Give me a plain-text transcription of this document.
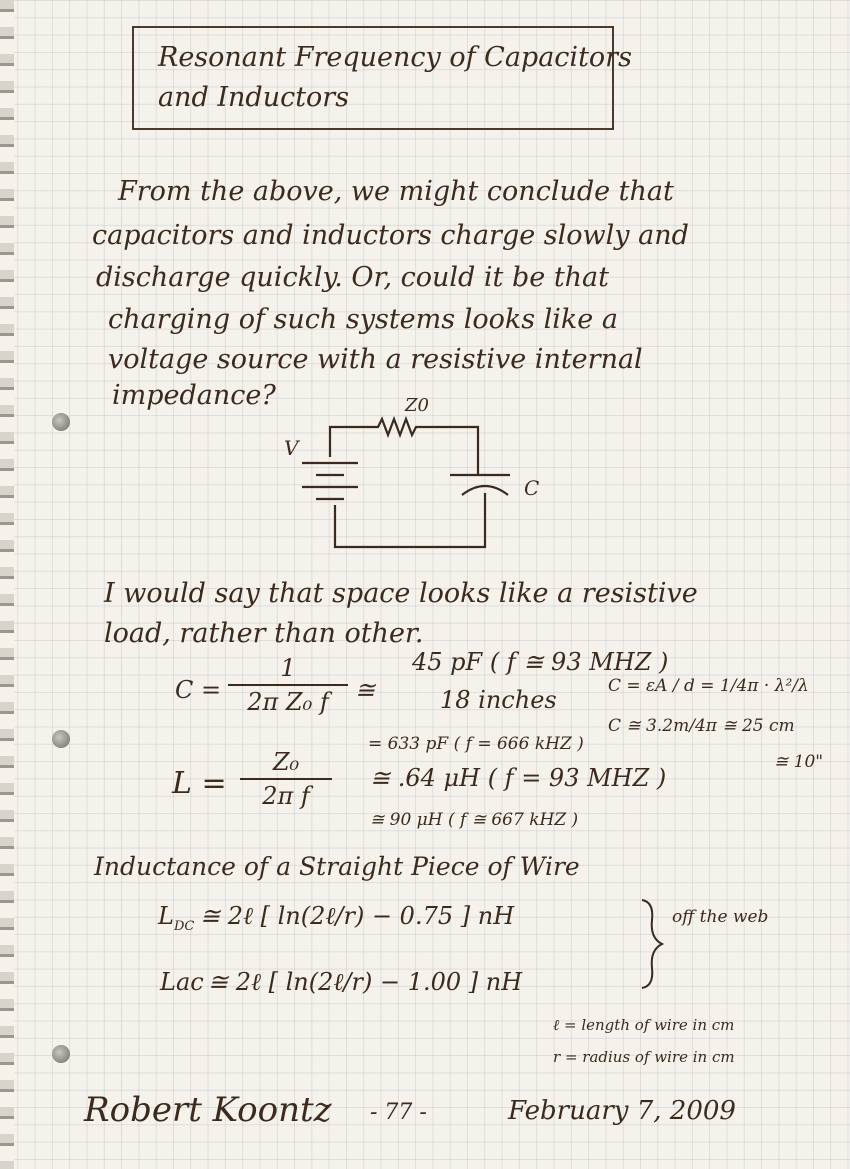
Resonant Frequency of Capacitors
and Inductors
From the above, we might conclude that
capacitors and inductors charge slowly and
discharge quickly. Or, could it be that
charging of such systems looks like a
voltage source with a resistive internal
impedance?	Z0
V
C
I would say that space looks like a resistive
load, rather than other.
C =
1
2π Z₀ f ≅
45 pF ( f ≅ 93 MHZ )
18 inches
= 633 pF ( f = 666 kHZ )
C = εA / d = 1/4π · λ²/λ
C ≅ 3.2m/4π ≅ 25 cm
≅ 10"
L =
Z₀
2π f
≅ .64 μH ( f = 93 MHZ )
≅ 90 μH ( f ≅ 667 kHZ )
Inductance of a Straight Piece of Wire
$L_{DC}$ ≅ 2ℓ [ ln(2ℓ/r) − 0.75 ] nH
Lac ≅ 2ℓ [ ln(2ℓ/r) − 1.00 ] nH
off the web
ℓ = length of wire in cm
r = radius of wire in cm
Robert Koontz - 77 -	February 7, 2009
